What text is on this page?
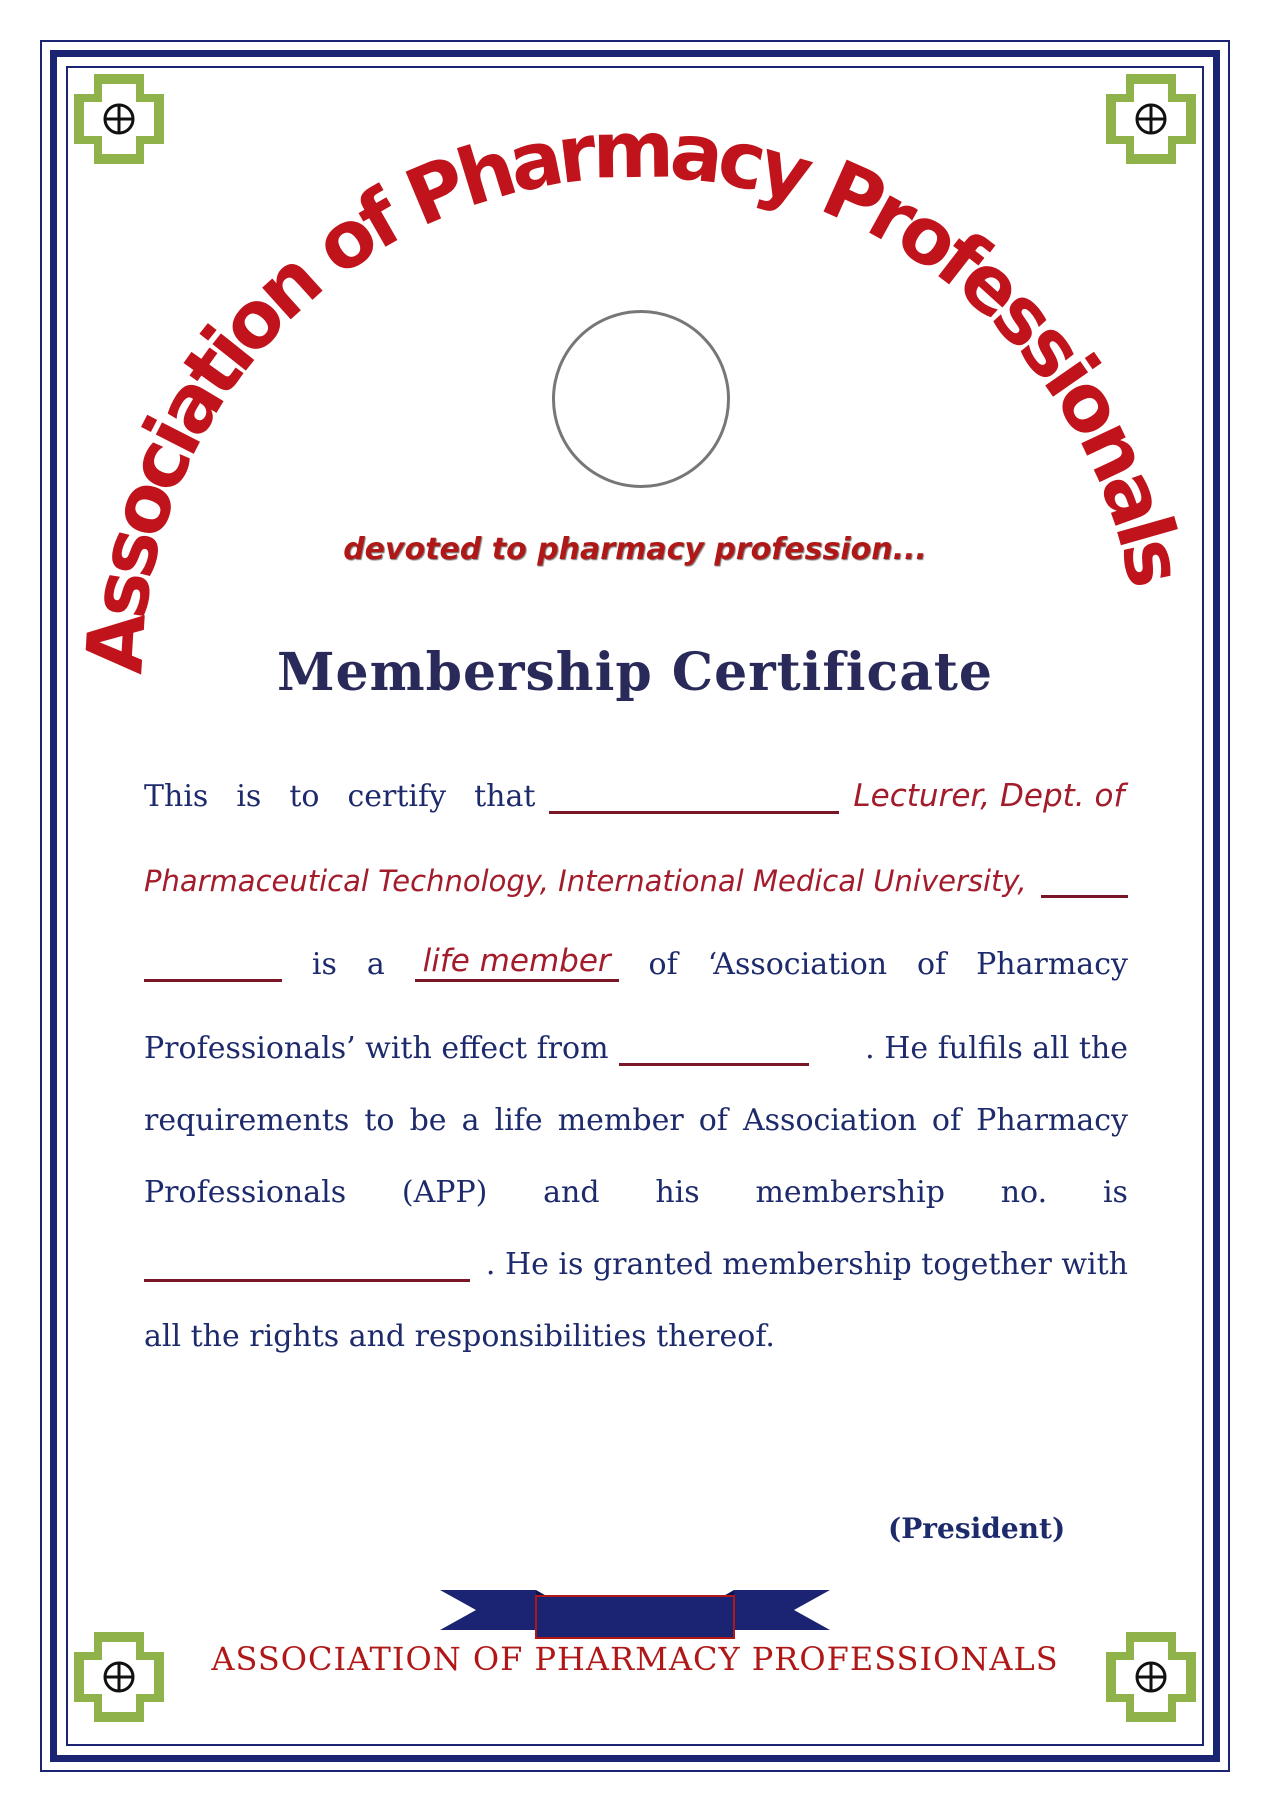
Association of Pharmacy Professionals
devoted to pharmacy profession...
Membership Certificate
This is to certify that	Lecturer, Dept. of
Pharmaceutical Technology, International Medical University,
is a life member of ‘Association of Pharmacy
Professionals’ with effect from	. He fulfils all the
requirements to be a life member of Association of Pharmacy
Professionals (APP) and his membership no. is
. He is granted membership together with
all the rights and responsibilities thereof.
(President)
ASSOCIATION OF PHARMACY PROFESSIONALS
